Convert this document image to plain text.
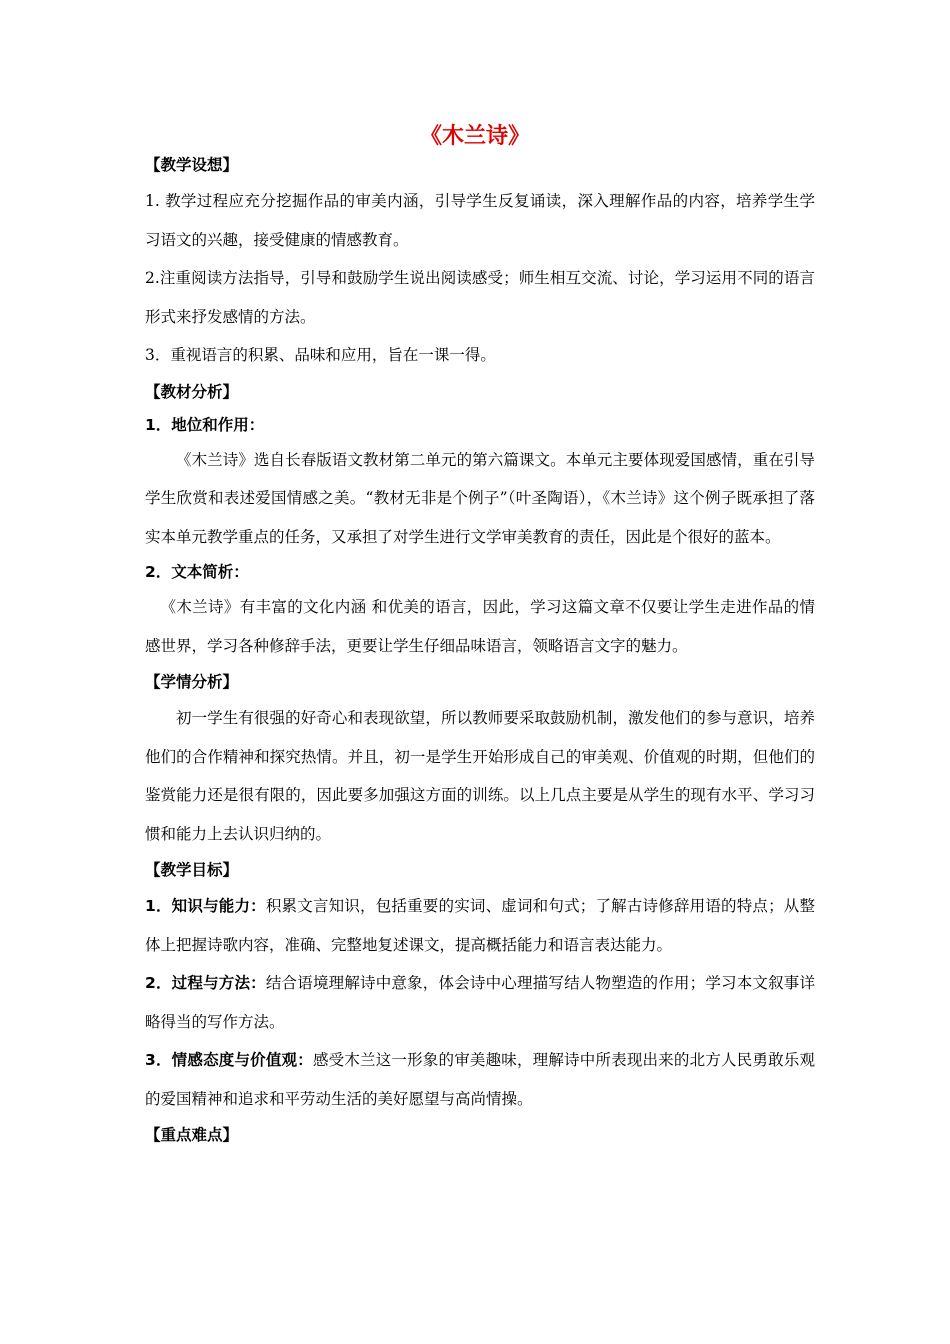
《木兰诗》
【教学设想】
1. 教学过程应充分挖掘作品的审美内涵，引导学生反复诵读，深入理解作品的内容，培养学生学习语文的兴趣，接受健康的情感教育。
2.注重阅读方法指导，引导和鼓励学生说出阅读感受；师生相互交流、讨论，学习运用不同的语言形式来抒发感情的方法。
3．重视语言的积累、品味和应用，旨在一课一得。
【教材分析】
1．地位和作用：
《木兰诗》选自长春版语文教材第二单元的第六篇课文。本单元主要体现爱国感情，重在引导学生欣赏和表述爱国情感之美。“教材无非是个例子”（叶圣陶语），《木兰诗》这个例子既承担了落实本单元教学重点的任务，又承担了对学生进行文学审美教育的责任，因此是个很好的蓝本。
2．文本简析：
《木兰诗》有丰富的文化内涵 和优美的语言，因此，学习这篇文章不仅要让学生走进作品的情感世界，学习各种修辞手法，更要让学生仔细品味语言，领略语言文字的魅力。
【学情分析】
初一学生有很强的好奇心和表现欲望，所以教师要采取鼓励机制，激发他们的参与意识，培养他们的合作精神和探究热情。并且，初一是学生开始形成自己的审美观、价值观的时期，但他们的鉴赏能力还是很有限的，因此要多加强这方面的训练。以上几点主要是从学生的现有水平、学习习惯和能力上去认识归纳的。
【教学目标】
1．知识与能力：积累文言知识，包括重要的实词、虚词和句式；了解古诗修辞用语的特点；从整体上把握诗歌内容，准确、完整地复述课文，提高概括能力和语言表达能力。
2．过程与方法：结合语境理解诗中意象，体会诗中心理描写结人物塑造的作用；学习本文叙事详略得当的写作方法。
3．情感态度与价值观：感受木兰这一形象的审美趣味，理解诗中所表现出来的北方人民勇敢乐观的爱国精神和追求和平劳动生活的美好愿望与高尚情操。
【重点难点】
